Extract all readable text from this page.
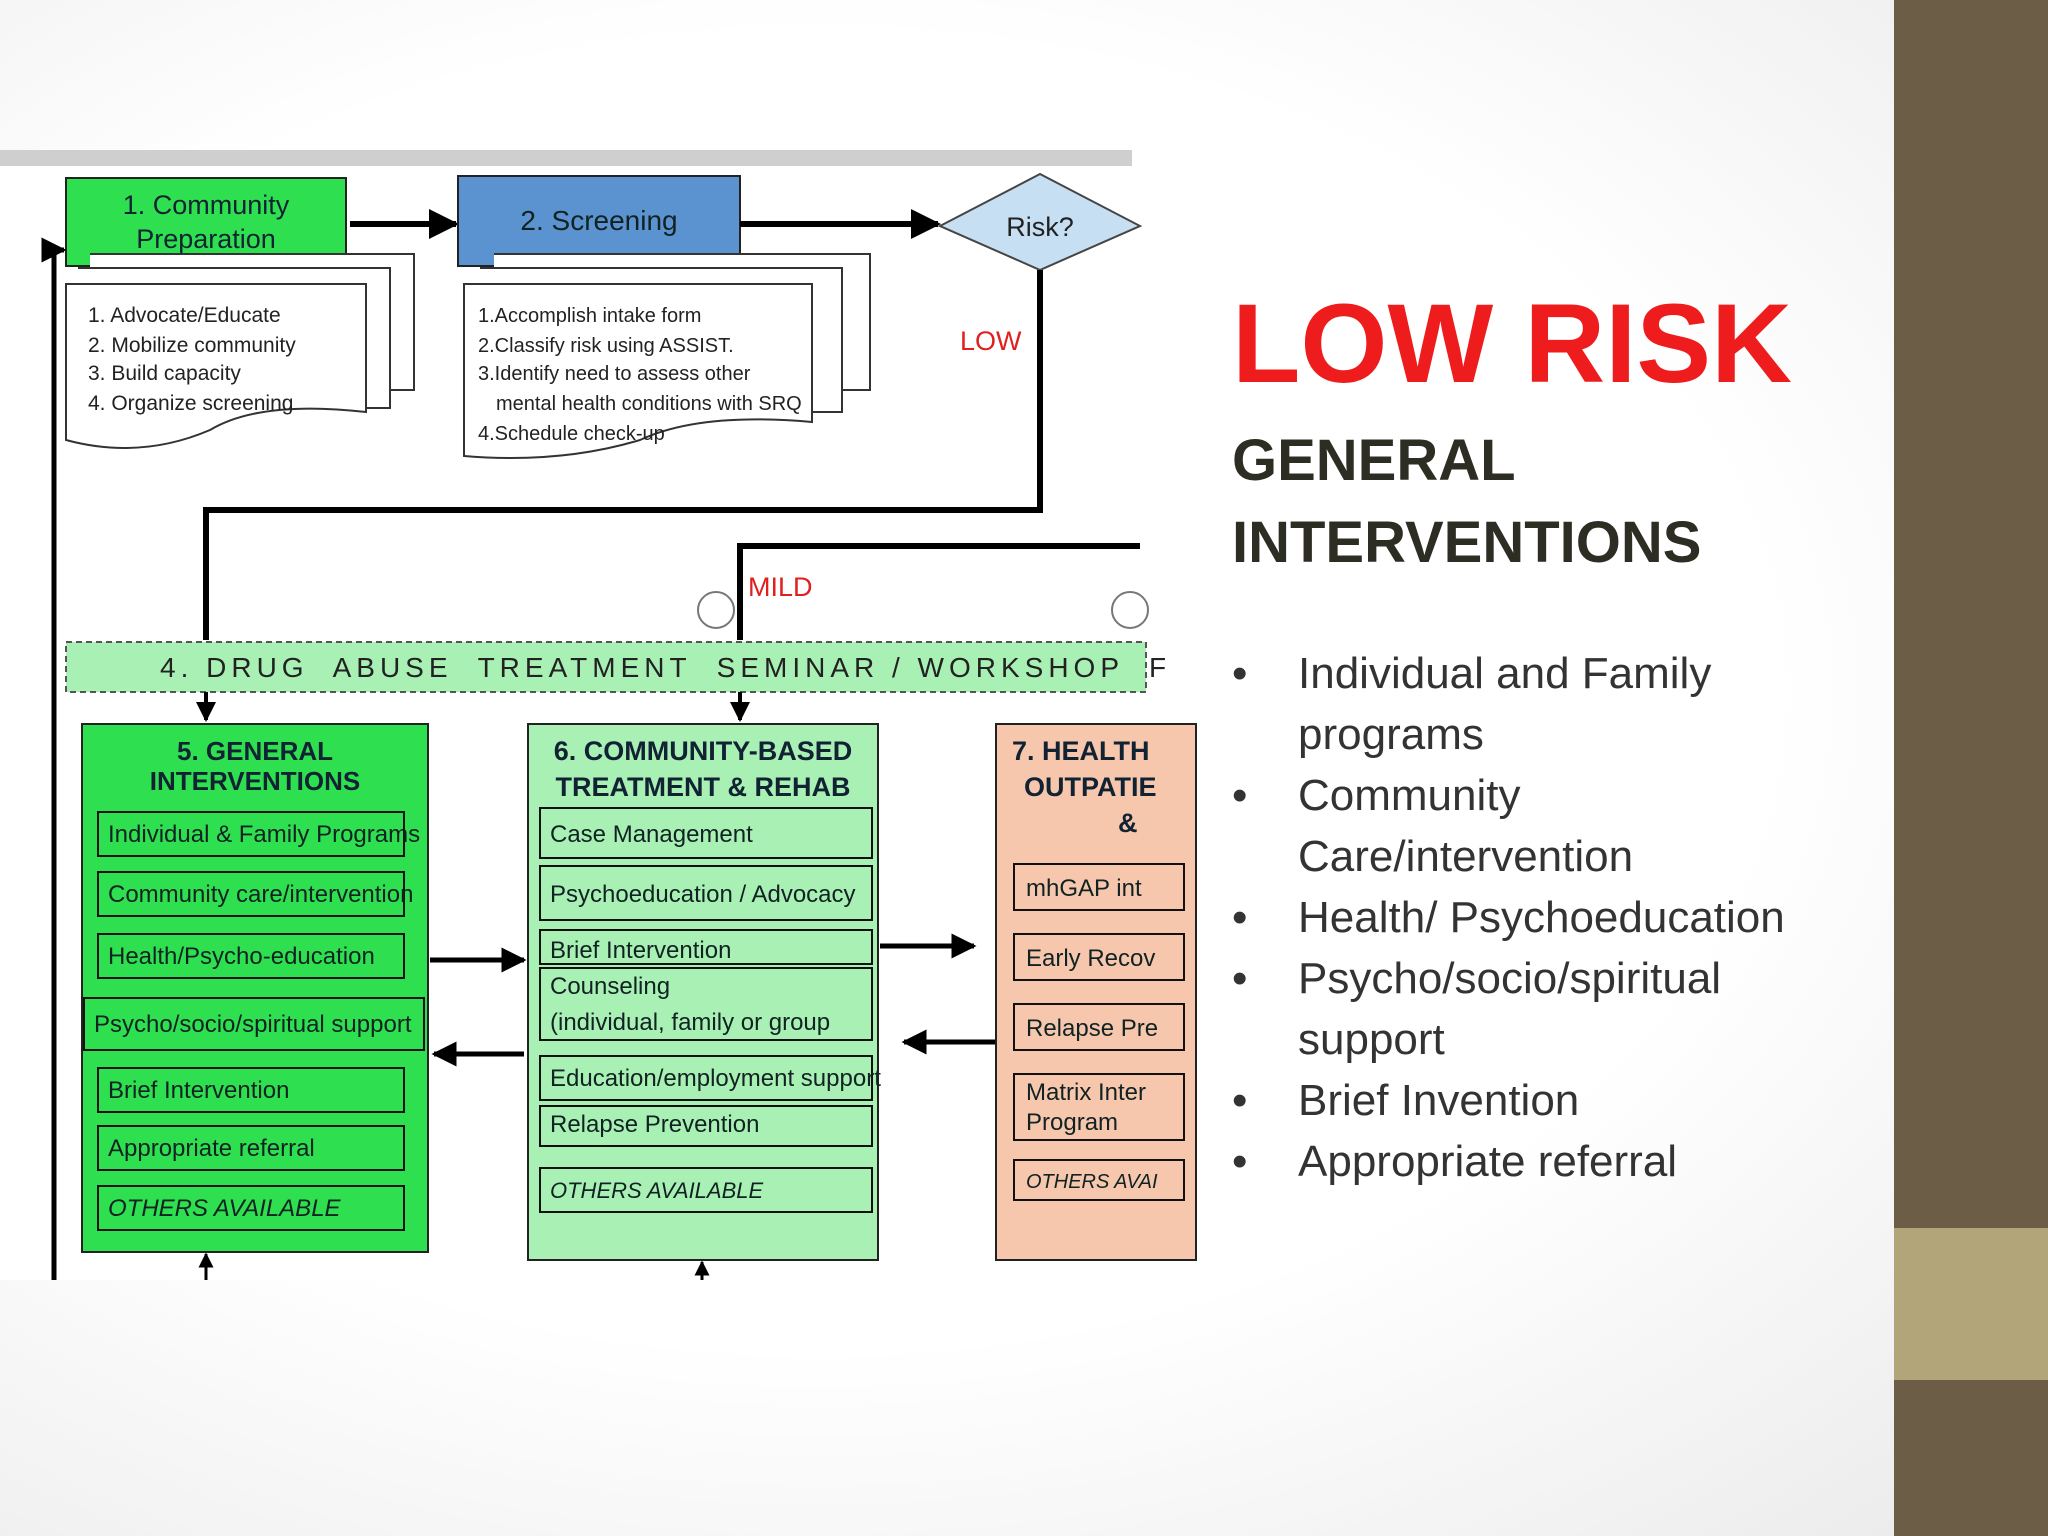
1. Community
Preparation
1. Advocate/Educate
2. Mobilize community
3. Build capacity
4. Organize screening
2. Screening
1.Accomplish intake form
2.Classify risk using ASSIST.
3.Identify need to assess other
mental health conditions with SRQ
4.Schedule check-up
Risk?
LOW
MILD
4. DRUG  ABUSE  TREATMENT  SEMINAR / WORKSHOP  F
5. GENERAL
INTERVENTIONS
Individual & Family Programs
Community care/intervention
Health/Psycho-education
Psycho/socio/spiritual support
Brief Intervention
Appropriate referral
OTHERS AVAILABLE
6. COMMUNITY-BASED
TREATMENT & REHAB
Case Management
Psychoeducation / Advocacy
Brief Intervention
Counseling
(individual, family or group
Education/employment support
Relapse Prevention
OTHERS AVAILABLE
7. HEALTH
OUTPATIE
&
mhGAP int
Early Recov
Relapse Pre
Matrix Inter
Program
OTHERS AVAI
LOW RISK
GENERAL INTERVENTIONS
• Individual and Family programs
• Community Care/intervention
• Health/ Psychoeducation
• Psycho/socio/spiritual support
• Brief Invention
• Appropriate referral
